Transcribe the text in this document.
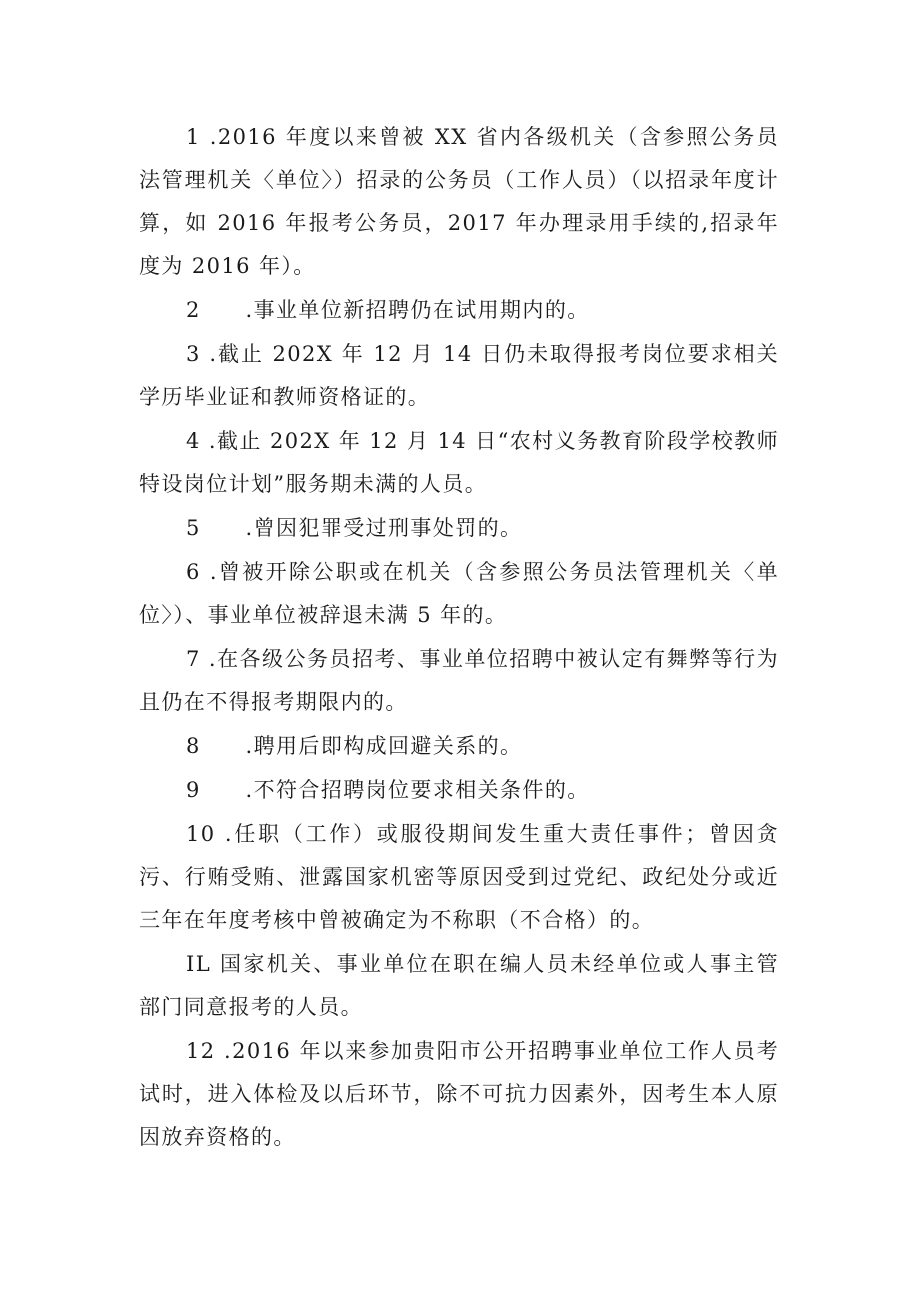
1 .2016 年度以来曾被 XX 省内各级机关（含参照公务员法管理机关〈单位〉）招录的公务员（工作人员）（以招录年度计算，如 2016 年报考公务员，2017 年办理录用手续的,招录年度为 2016 年）。

2　　.事业单位新招聘仍在试用期内的。

3 .截止 202X 年 12 月 14 日仍未取得报考岗位要求相关学历毕业证和教师资格证的。

4 .截止 202X 年 12 月 14 日“农村义务教育阶段学校教师特设岗位计划”服务期未满的人员。

5　　.曾因犯罪受过刑事处罚的。

6 .曾被开除公职或在机关（含参照公务员法管理机关〈单位〉）、事业单位被辞退未满 5 年的。

7 .在各级公务员招考、事业单位招聘中被认定有舞弊等行为且仍在不得报考期限内的。

8　　.聘用后即构成回避关系的。

9　　.不符合招聘岗位要求相关条件的。

10 .任职（工作）或服役期间发生重大责任事件；曾因贪污、行贿受贿、泄露国家机密等原因受到过党纪、政纪处分或近三年在年度考核中曾被确定为不称职（不合格）的。

IL 国家机关、事业单位在职在编人员未经单位或人事主管部门同意报考的人员。

12 .2016 年以来参加贵阳市公开招聘事业单位工作人员考试时，进入体检及以后环节，除不可抗力因素外，因考生本人原因放弃资格的。
